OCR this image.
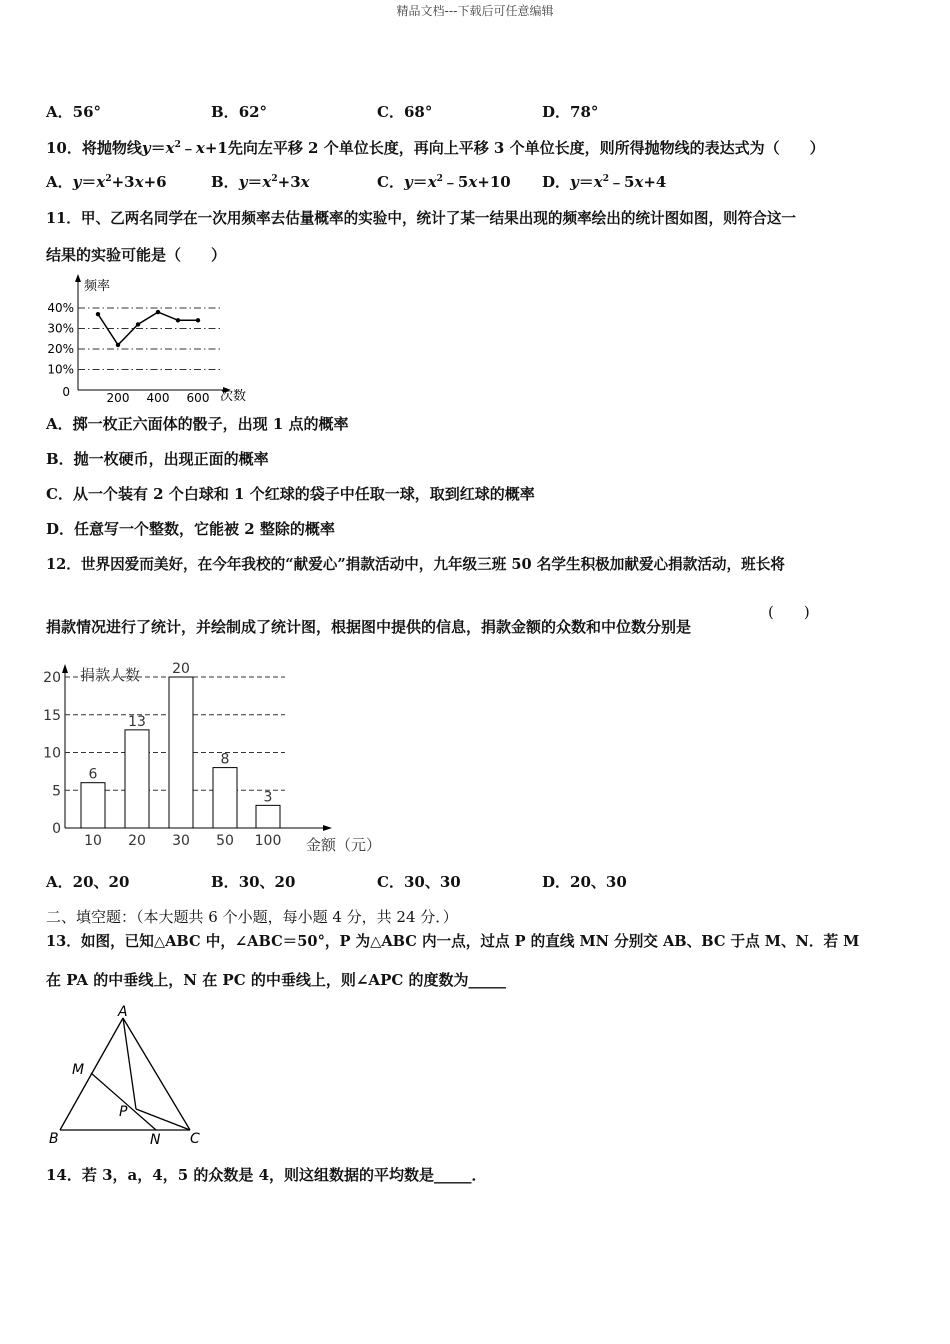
精品文档---下载后可任意编辑
A．56°	B．62°	C．68°	D．78°
10．将抛物线$y=x^2﹣x+1$先向左平移 2 个单位长度，再向上平移 3 个单位长度，则所得抛物线的表达式为（　　）
A．$y=x^2+3x+6$	B．$y=x^2+3x$	C．$y=x^2﹣5x+10$ D．$y=x^2﹣5x+4$
11．甲、乙两名同学在一次用频率去估量概率的实验中，统计了某一结果出现的频率绘出的统计图如图，则符合这一
结果的实验可能是（　　）
频率
次数
0
10%
20%
30%
40%
200 400 600
A．掷一枚正六面体的骰子，出现 1 点的概率
B．抛一枚硬币，出现正面的概率
C．从一个装有 2 个白球和 1 个红球的袋子中任取一球，取到红球的概率
D．任意写一个整数，它能被 2 整除的概率
12．世界因爱而美好，在今年我校的“献爱心”捐款活动中，九年级三班 50 名学生积极加献爱心捐款活动，班长将
捐款情况进行了统计，并绘制成了统计图，根据图中提供的信息，捐款金额的众数和中位数分别是
(　　)
捐款人数
金额（元）
0
5
10
15
20
6
13
20
8
3
10 20 30 50 100
A．20、20	B．30、20	C．30、30	D．20、30
二、填空题：（本大题共 6 个小题，每小题 4 分，共 24 分．）
13．如图，已知△ABC 中，∠ABC＝50°，P 为△ABC 内一点，过点 P 的直线 MN 分别交 AB、BC 于点 M、N．若 M
在 PA 的中垂线上，N 在 PC 的中垂线上，则∠APC 的度数为_____
A
M
P
B	N C
14．若 3，a，4，5 的众数是 4，则这组数据的平均数是_____．
